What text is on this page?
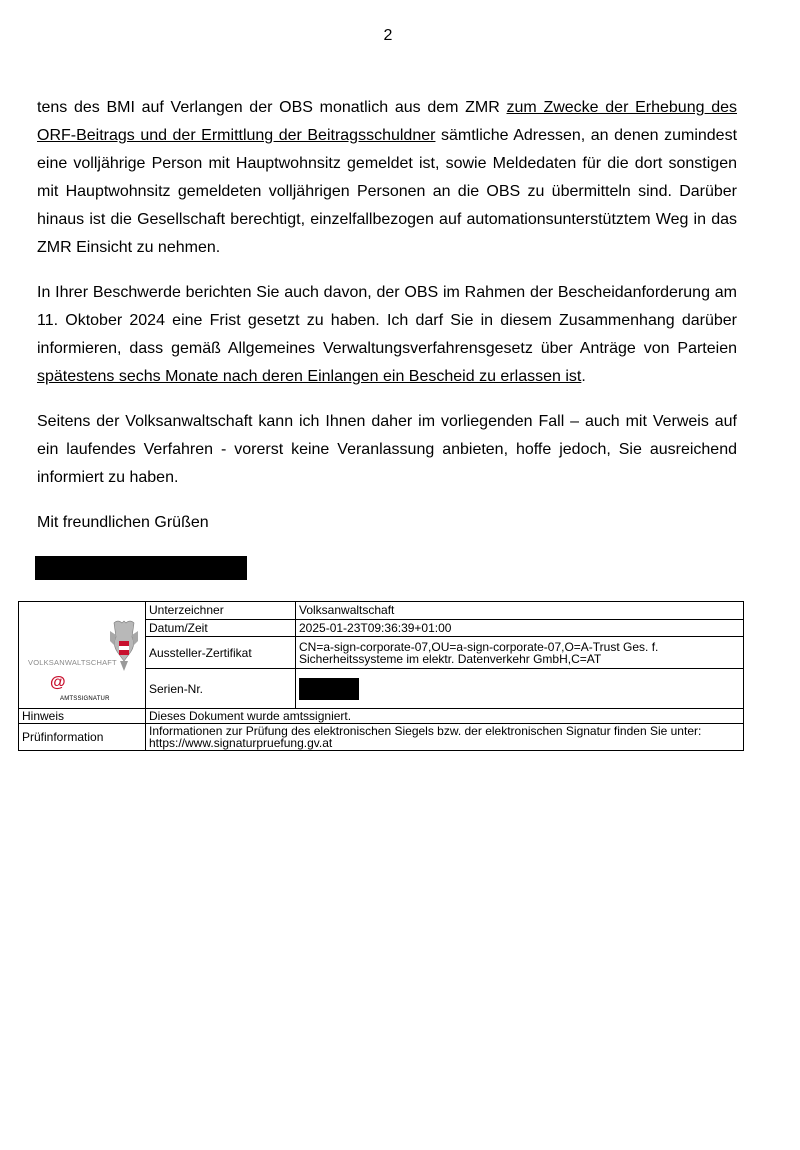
2

tens des BMI auf Verlangen der OBS monatlich aus dem ZMR zum Zwecke der Erhebung des ORF-Beitrags und der Ermittlung der Beitragsschuldner sämtliche Adressen, an denen zumindest eine volljährige Person mit Hauptwohnsitz gemeldet ist, sowie Meldedaten für die dort sonstigen mit Hauptwohnsitz gemeldeten volljährigen Personen an die OBS zu übermitteln sind. Darüber hinaus ist die Gesellschaft berechtigt, einzelfallbezogen auf automationsunterstütztem Weg in das ZMR Einsicht zu nehmen.

In Ihrer Beschwerde berichten Sie auch davon, der OBS im Rahmen der Bescheidanforderung am 11. Oktober 2024 eine Frist gesetzt zu haben. Ich darf Sie in diesem Zusammenhang darüber informieren, dass gemäß Allgemeines Verwaltungsverfahrensgesetz über Anträge von Parteien spätestens sechs Monate nach deren Einlangen ein Bescheid zu erlassen ist.

Seitens der Volksanwaltschaft kann ich Ihnen daher im vorliegenden Fall – auch mit Verweis auf ein laufendes Verfahren - vorerst keine Veranlassung anbieten, hoffe jedoch, Sie ausreichend informiert zu haben.

Mit freundlichen Grüßen

VOLKSANWALTSCHAFT
@
AMTSSIGNATUR	Unterzeichner	Volksanwaltschaft
	Datum/Zeit	2025-01-23T09:36:39+01:00
	Aussteller-Zertifikat	CN=a-sign-corporate-07,OU=a-sign-corporate-07,O=A-Trust Ges. f.
Sicherheitssysteme im elektr. Datenverkehr GmbH,C=AT

	Serien-Nr.	
Hinweis	Dieses Dokument wurde amtssigniert.	
Prüfinformation	Informationen zur Prüfung des elektronischen Siegels bzw. der elektronischen Signatur finden Sie unter:
https://www.signaturpruefung.gv.at	
